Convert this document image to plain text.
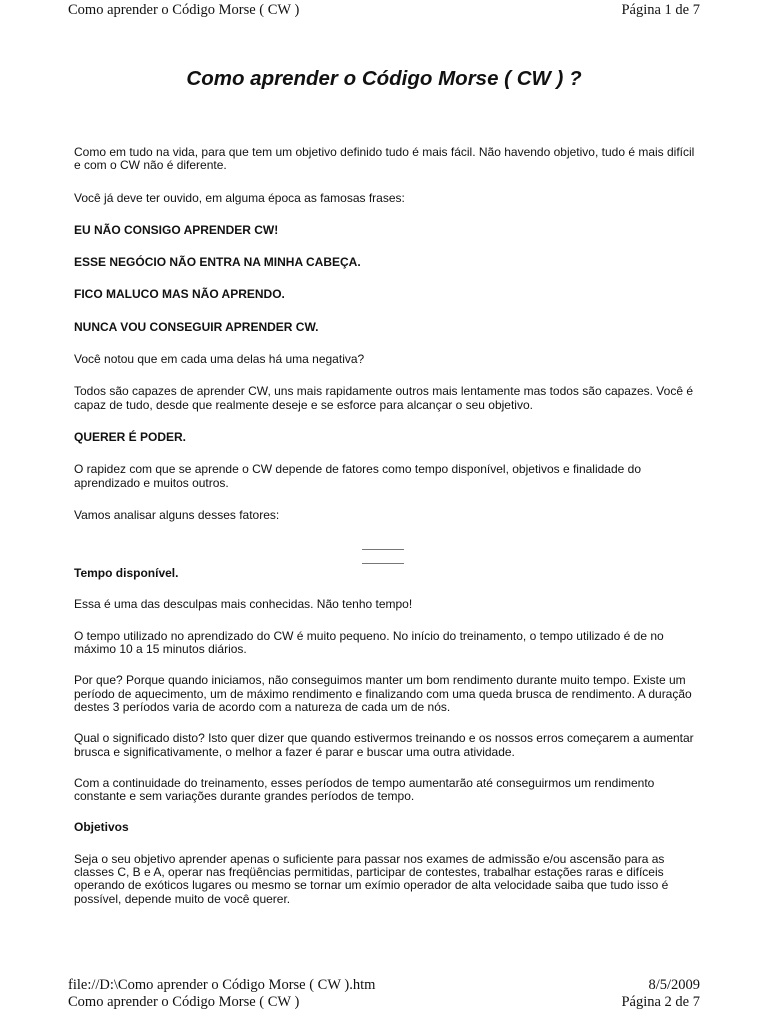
Como aprender o Código Morse ( CW )	Página 1 de 7
Como aprender o Código Morse ( CW ) ?

Como em tudo na vida, para que tem um objetivo definido tudo é mais fácil. Não havendo objetivo, tudo é mais difícil e com o CW não é diferente.

Você já deve ter ouvido, em alguma época as famosas frases:

EU NÃO CONSIGO APRENDER CW!

ESSE NEGÓCIO NÃO ENTRA NA MINHA CABEÇA.

FICO MALUCO MAS NÃO APRENDO.

NUNCA VOU CONSEGUIR APRENDER CW.

Você notou que em cada uma delas há uma negativa?

Todos são capazes de aprender CW, uns mais rapidamente outros mais lentamente mas todos são capazes. Você é capaz de tudo, desde que realmente deseje e se esforce para alcançar o seu objetivo.

QUERER É PODER.

O rapidez com que se aprende o CW depende de fatores como tempo disponível, objetivos e finalidade do aprendizado e muitos outros.

Vamos analisar alguns desses fatores:

Tempo disponível.

Essa é uma das desculpas mais conhecidas. Não tenho tempo!

O tempo utilizado no aprendizado do CW é muito pequeno. No início do treinamento, o tempo utilizado é de no máximo 10 a 15 minutos diários.

Por que? Porque quando iniciamos, não conseguimos manter um bom rendimento durante muito tempo. Existe um período de aquecimento, um de máximo rendimento e finalizando com uma queda brusca de rendimento. A duração destes 3 períodos varia de acordo com a natureza de cada um de nós.

Qual o significado disto? Isto quer dizer que quando estivermos treinando e os nossos erros começarem a aumentar brusca e significativamente, o melhor a fazer é parar e buscar uma outra atividade.

Com a continuidade do treinamento, esses períodos de tempo aumentarão até conseguirmos um rendimento constante e sem variações durante grandes períodos de tempo.

Objetivos

Seja o seu objetivo aprender apenas o suficiente para passar nos exames de admissão e/ou ascensão para as classes C, B e A, operar nas freqüências permitidas, participar de contestes, trabalhar estações raras e difíceis operando de exóticos lugares ou mesmo se tornar um exímio operador de alta velocidade saiba que tudo isso é possível, depende muito de você querer.

file://D:\Como aprender o Código Morse ( CW ).htm	8/5/2009
Como aprender o Código Morse ( CW )	Página 2 de 7
